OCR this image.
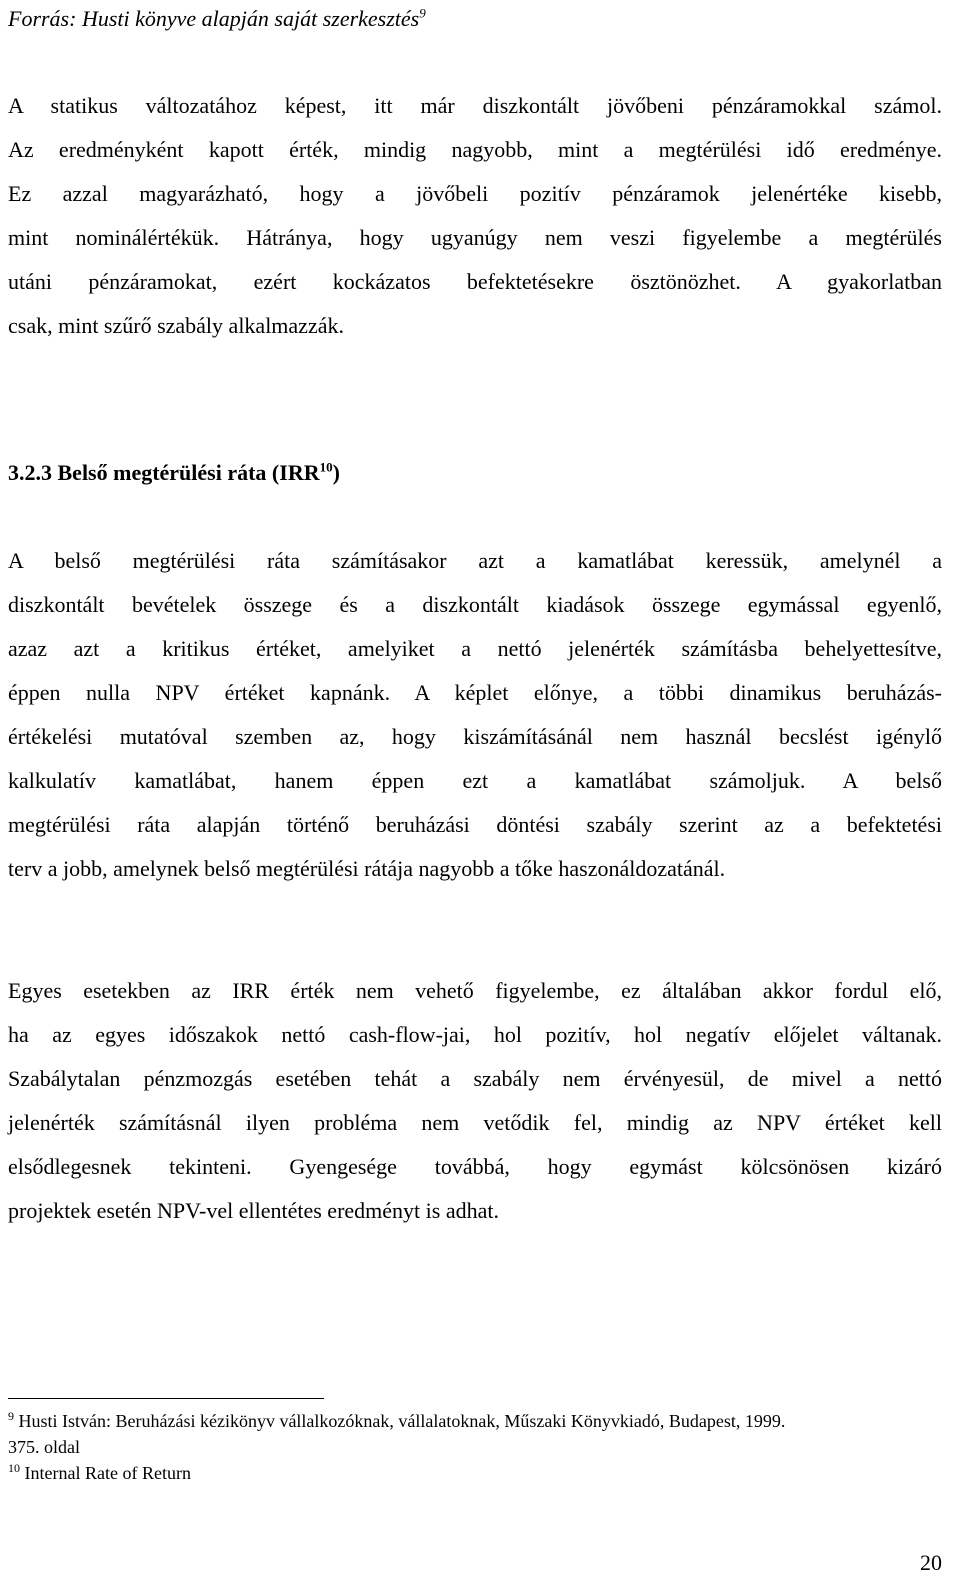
Forrás: Husti könyve alapján saját szerkesztés$^9$

A statikus változatához képest, itt már diszkontált jövőbeni pénzáramokkal számol.
Az eredményként kapott érték, mindig nagyobb, mint a megtérülési idő eredménye.
Ez azzal magyarázható, hogy a jövőbeli pozitív pénzáramok jelenértéke kisebb,
mint nominálértékük. Hátránya, hogy ugyanúgy nem veszi figyelembe a megtérülés
utáni pénzáramokat, ezért kockázatos befektetésekre ösztönözhet. A gyakorlatban
csak, mint szűrő szabály alkalmazzák.

3.2.3 Belső megtérülési ráta (IRR$^{10}$)

A belső megtérülési ráta számításakor azt a kamatlábat keressük, amelynél a
diszkontált bevételek összege és a diszkontált kiadások összege egymással egyenlő,
azaz azt a kritikus értéket, amelyiket a nettó jelenérték számításba behelyettesítve,
éppen nulla NPV értéket kapnánk. A képlet előnye, a többi dinamikus beruházás-
értékelési mutatóval szemben az, hogy kiszámításánál nem használ becslést igénylő
kalkulatív kamatlábat, hanem éppen ezt a kamatlábat számoljuk. A belső
megtérülési ráta alapján történő beruházási döntési szabály szerint az a befektetési
terv a jobb, amelynek belső megtérülési rátája nagyobb a tőke haszonáldozatánál.

Egyes esetekben az IRR érték nem vehető figyelembe, ez általában akkor fordul elő,
ha az egyes időszakok nettó cash-flow-jai, hol pozitív, hol negatív előjelet váltanak.
Szabálytalan pénzmozgás esetében tehát a szabály nem érvényesül, de mivel a nettó
jelenérték számításnál ilyen probléma nem vetődik fel, mindig az NPV értéket kell
elsődlegesnek tekinteni. Gyengesége továbbá, hogy egymást kölcsönösen kizáró
projektek esetén NPV-vel ellentétes eredményt is adhat.

$^9$ Husti István: Beruházási kézikönyv vállalkozóknak, vállalatoknak, Műszaki Könyvkiadó, Budapest, 1999.
375. oldal
$^{10}$ Internal Rate of Return
20
